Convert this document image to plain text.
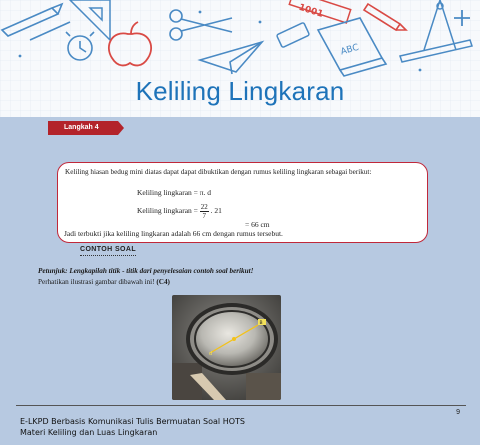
1001
ABC
Keliling Lingkaran
Langkah 4
Keliling hiasan bedug mini diatas dapat dapat dibuktikan dengan rumus keliling lingkaran sebagai berikut:
Keliling lingkaran = π. d
Keliling lingkaran = $\frac{22}{7}$ . 21
= 66 cm
Jadi terbukti jika keliling lingkaran adalah 66 cm dengan rumus tersebut.
CONTOH SOAL
Petunjuk: Lengkapilah titik - titik dari penyelesaian contoh soal berikut!
Perhatikan ilustrasi gambar dibawah ini! (C4)
B
d
9
E-LKPD Berbasis Komunikasi Tulis Bermuatan Soal HOTS
Materi Keliling dan Luas Lingkaran
